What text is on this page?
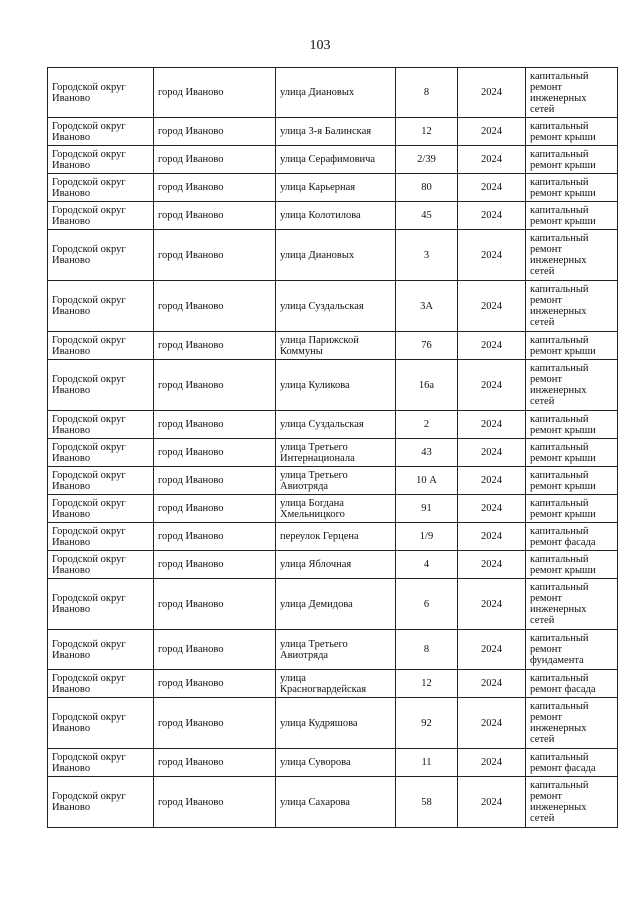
103
Городской округ Иваново	город Иваново	улица Диановых	8	2024	капитальный ремонт инженерных сетей
Городской округ Иваново	город Иваново	улица 3-я Балинская	12	2024	капитальный ремонт крыши
Городской округ Иваново	город Иваново	улица Серафимовича	2/39	2024	капитальный ремонт крыши
Городской округ Иваново	город Иваново	улица Карьерная	80	2024	капитальный ремонт крыши
Городской округ Иваново	город Иваново	улица Колотилова	45	2024	капитальный ремонт крыши
Городской округ Иваново	город Иваново	улица Диановых	3	2024	капитальный ремонт инженерных сетей
Городской округ Иваново	город Иваново	улица Суздальская	3А	2024	капитальный ремонт инженерных сетей
Городской округ Иваново	город Иваново	улица Парижской Коммуны	76	2024	капитальный ремонт крыши
Городской округ Иваново	город Иваново	улица Куликова	16а	2024	капитальный ремонт инженерных сетей
Городской округ Иваново	город Иваново	улица Суздальская	2	2024	капитальный ремонт крыши
Городской округ Иваново	город Иваново	улица Третьего Интернационала	43	2024	капитальный ремонт крыши
Городской округ Иваново	город Иваново	улица Третьего Авиотряда	10 А	2024	капитальный ремонт крыши
Городской округ Иваново	город Иваново	улица Богдана Хмельницкого	91	2024	капитальный ремонт крыши
Городской округ Иваново	город Иваново	переулок Герцена	1/9	2024	капитальный ремонт фасада
Городской округ Иваново	город Иваново	улица Яблочная	4	2024	капитальный ремонт крыши
Городской округ Иваново	город Иваново	улица Демидова	6	2024	капитальный ремонт инженерных сетей
Городской округ Иваново	город Иваново	улица Третьего Авиотряда	8	2024	капитальный ремонт фундамента
Городской округ Иваново	город Иваново	улица Красногвардейская	12	2024	капитальный ремонт фасада
Городской округ Иваново	город Иваново	улица Кудряшова	92	2024	капитальный ремонт инженерных сетей
Городской округ Иваново	город Иваново	улица Суворова	11	2024	капитальный ремонт фасада
Городской округ Иваново	город Иваново	улица Сахарова	58	2024	капитальный ремонт инженерных сетей
